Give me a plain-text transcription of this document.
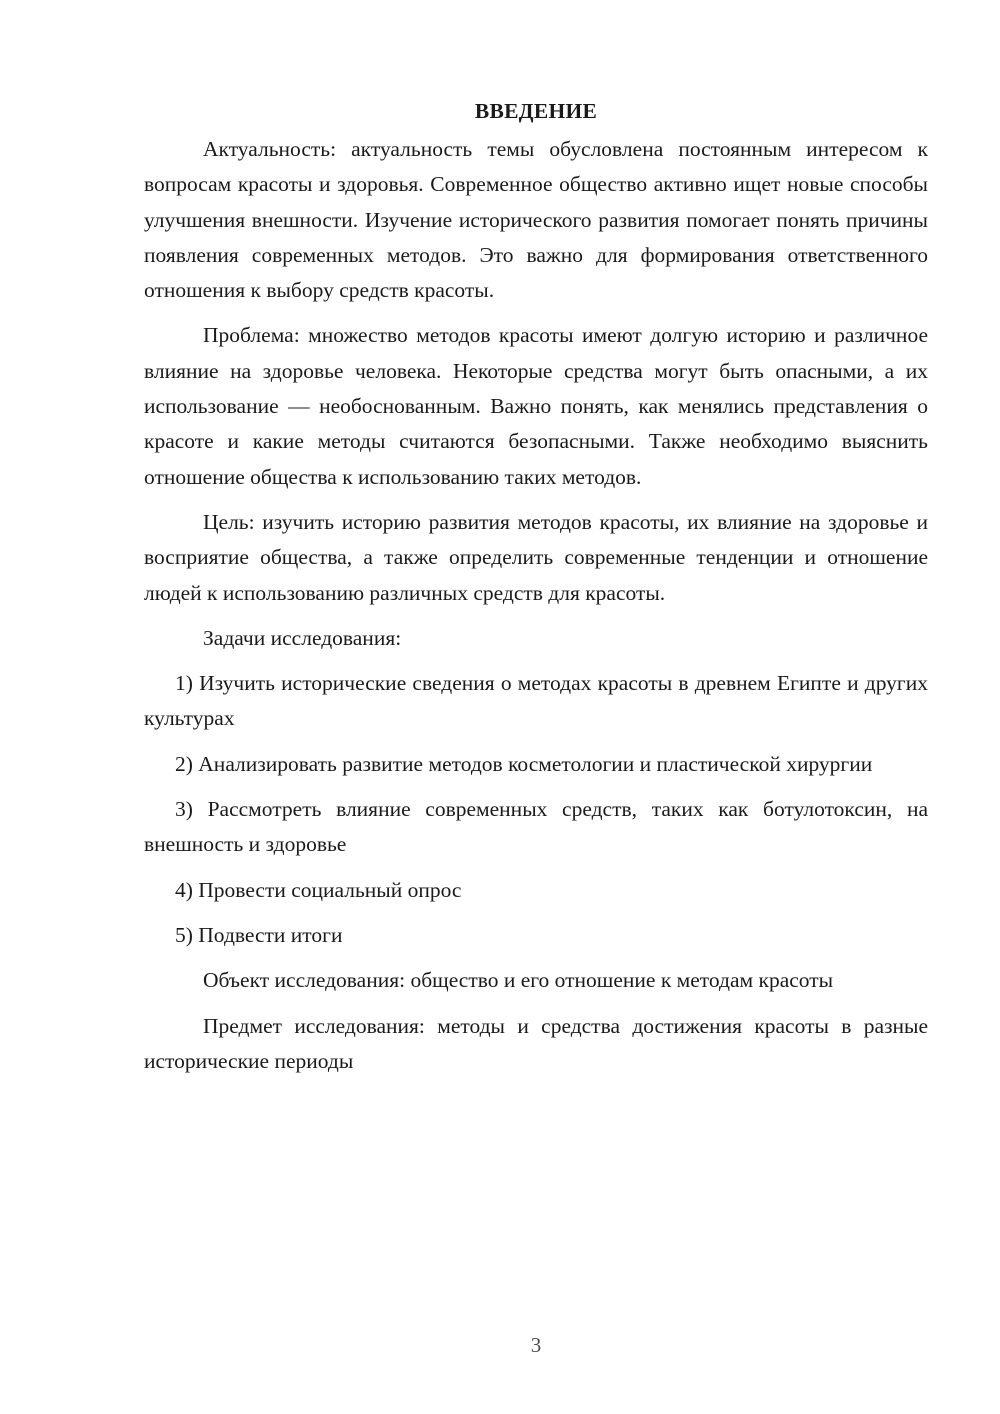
ВВЕДЕНИЕ

Актуальность: актуальность темы обусловлена постоянным интересом к вопросам красоты и здоровья. Современное общество активно ищет новые способы улучшения внешности. Изучение исторического развития помогает понять причины появления современных методов. Это важно для формирования ответственного отношения к выбору средств красоты.

Проблема: множество методов красоты имеют долгую историю и различное влияние на здоровье человека. Некоторые средства могут быть опасными, а их использование — необоснованным. Важно понять, как менялись представления о красоте и какие методы считаются безопасными. Также необходимо выяснить отношение общества к использованию таких методов.

Цель: изучить историю развития методов красоты, их влияние на здоровье и восприятие общества, а также определить современные тенденции и отношение людей к использованию различных средств для красоты.

Задачи исследования:

1) Изучить исторические сведения о методах красоты в древнем Египте и других культурах

2) Анализировать развитие методов косметологии и пластической хирургии

3) Рассмотреть влияние современных средств, таких как ботулотоксин, на внешность и здоровье

4) Провести социальный опрос

5) Подвести итоги

Объект исследования: общество и его отношение к методам красоты

Предмет исследования: методы и средства достижения красоты в разные исторические периоды

3
